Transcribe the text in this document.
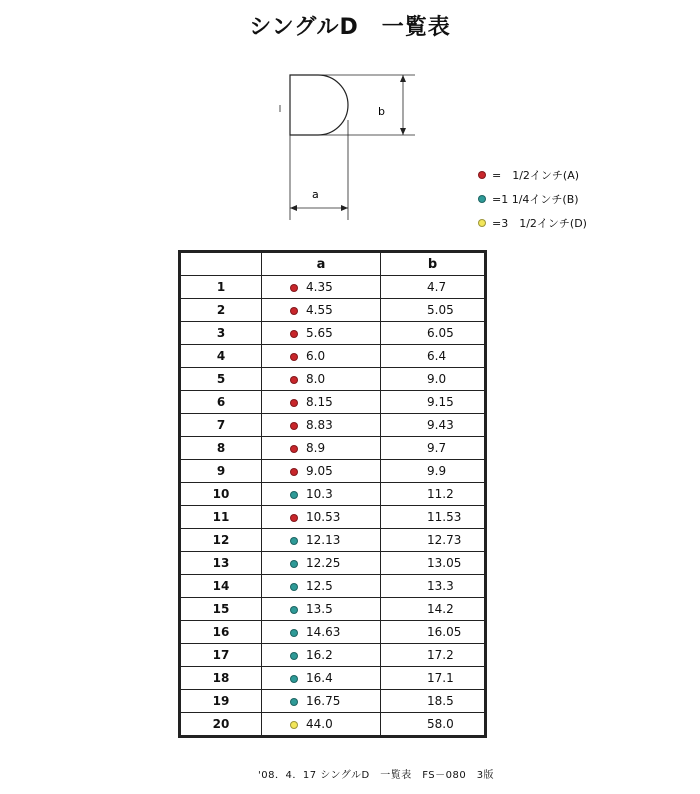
シングルD　一覧表
b
a
=　1/2インチ(A)
=1 1/4インチ(B)
=3　1/2インチ(D)
	a	b
1	4.35	4.7
2	4.55	5.05
3	5.65	6.05
4	6.0	6.4
5	8.0	9.0
6	8.15	9.15
7	8.83	9.43
8	8.9	9.7
9	9.05	9.9
10	10.3	11.2
11	10.53	11.53
12	12.13	12.73
13	12.25	13.05
14	12.5	13.3
15	13.5	14.2
16	14.63	16.05
17	16.2	17.2
18	16.4	17.1
19	16.75	18.5
20	44.0	58.0
'08．4．17 シングルD　一覧表　FS－080　3版
